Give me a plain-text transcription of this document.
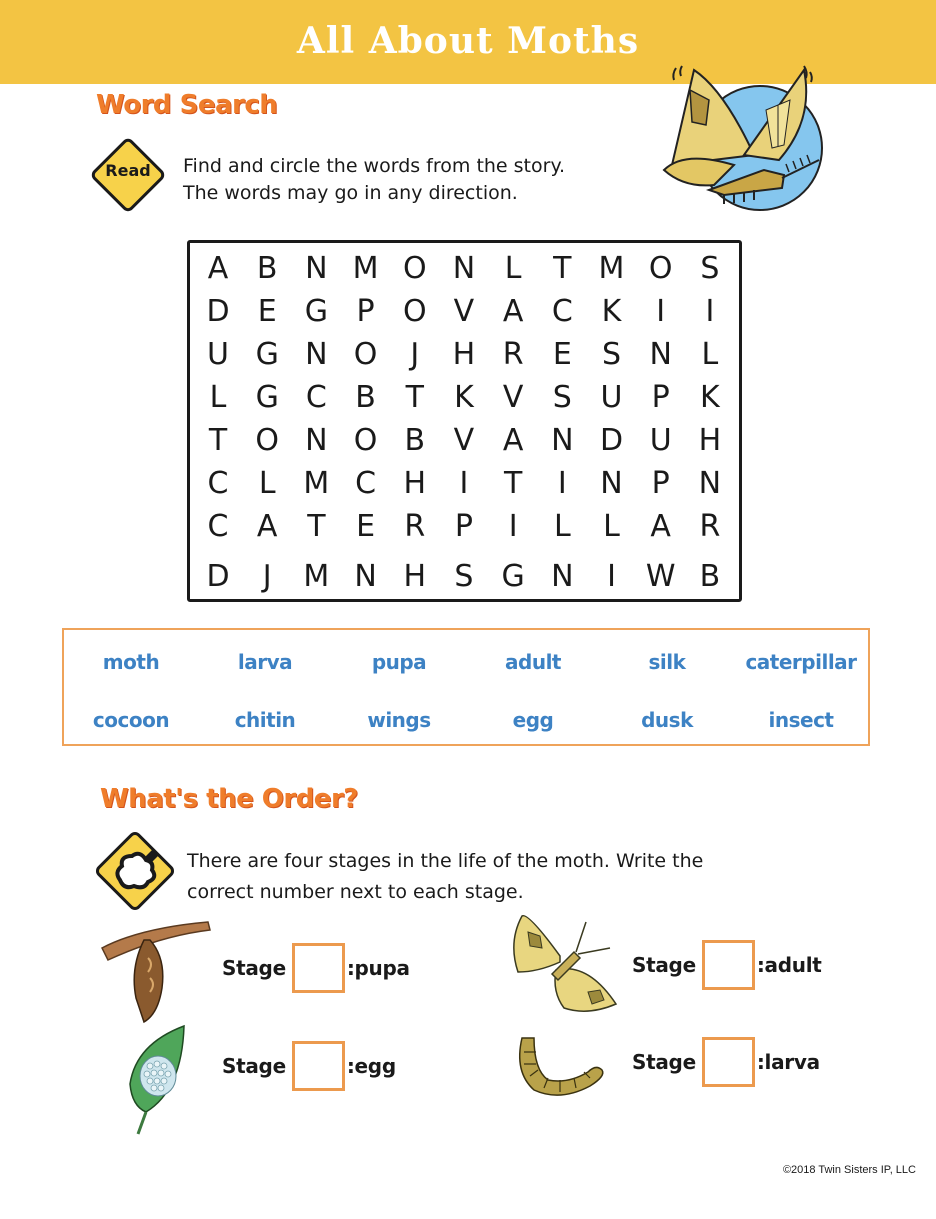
All About Moths
Word Search
Read	Find and circle the words from the story.
The words may go in any direction.
A B N M O N L	T M O S
D E G P O V A C K	I	I
U G N O	J	H R E	S N L
L G C B T	K V S U P	K
T O N O B V A N D U H
C	L M C H	I	T	I	N P N
C A T	E R P	I	L	L	A R
D	J	M N H S G N	I W B
moth	larva	pupa	adult	silk	caterpillar
cocoon	chitin	wings	egg	dusk	insect
What's the Order?
There are four stages in the life of the moth. Write the
correct number next to each stage.
Stage	:pupa	Stage	:adult
Stage	:egg	Stage	:larva
©2018 Twin Sisters IP, LLC
